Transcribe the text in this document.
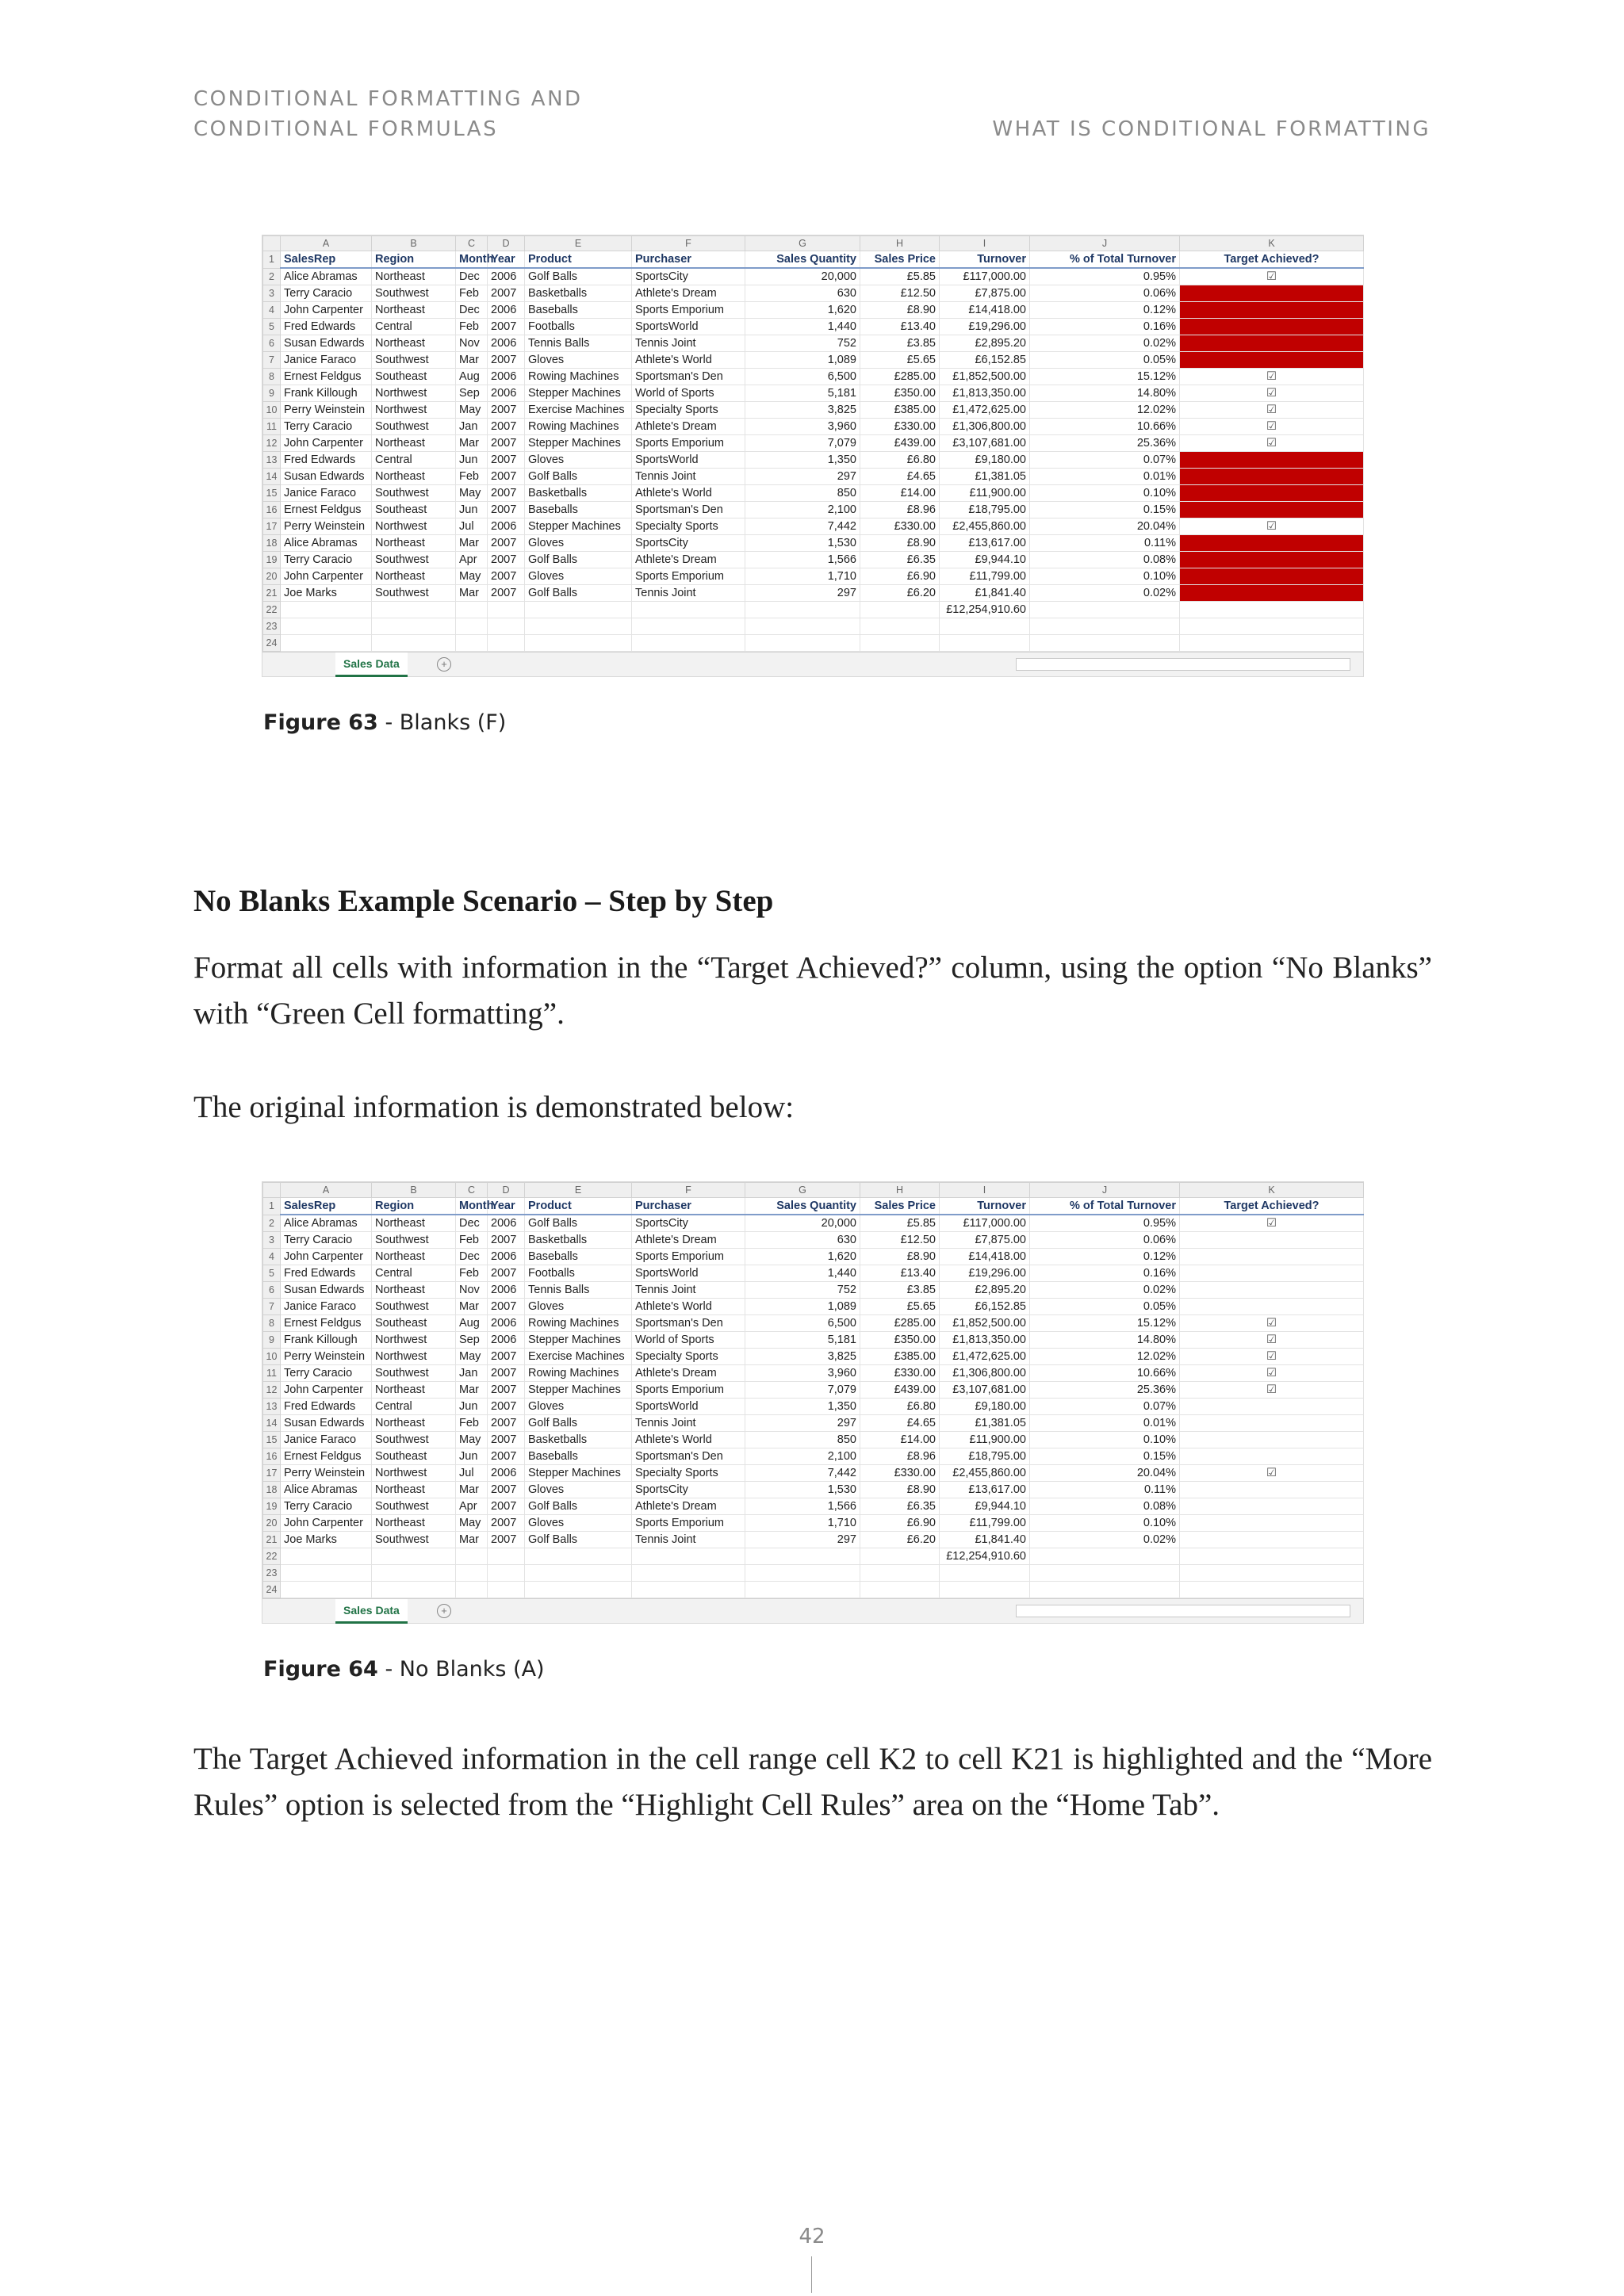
CONDITIONAL FORMATTING AND
CONDITIONAL FORMULAS	WHAT IS CONDITIONAL FORMATTING
	A	B	C	D	E	F	G	H	I	J	K
1	SalesRep	Region	Month	Year	Product	Purchaser	Sales Quantity	Sales Price	Turnover	% of Total Turnover	Target Achieved?
2	Alice Abramas	Northeast	Dec	2006	Golf Balls	SportsCity	20,000	£5.85	£117,000.00	0.95%	☑
3	Terry Caracio	Southwest	Feb	2007	Basketballs	Athlete's Dream	630	£12.50	£7,875.00	0.06%	
4	John Carpenter	Northeast	Dec	2006	Baseballs	Sports Emporium	1,620	£8.90	£14,418.00	0.12%	
5	Fred Edwards	Central	Feb	2007	Footballs	SportsWorld	1,440	£13.40	£19,296.00	0.16%	
6	Susan Edwards	Northeast	Nov	2006	Tennis Balls	Tennis Joint	752	£3.85	£2,895.20	0.02%	
7	Janice Faraco	Southwest	Mar	2007	Gloves	Athlete's World	1,089	£5.65	£6,152.85	0.05%	
8	Ernest Feldgus	Southeast	Aug	2006	Rowing Machines	Sportsman's Den	6,500	£285.00	£1,852,500.00	15.12%	☑
9	Frank Killough	Northwest	Sep	2006	Stepper Machines	World of Sports	5,181	£350.00	£1,813,350.00	14.80%	☑
10	Perry Weinstein	Northwest	May	2007	Exercise Machines	Specialty Sports	3,825	£385.00	£1,472,625.00	12.02%	☑
11	Terry Caracio	Southwest	Jan	2007	Rowing Machines	Athlete's Dream	3,960	£330.00	£1,306,800.00	10.66%	☑
12	John Carpenter	Northeast	Mar	2007	Stepper Machines	Sports Emporium	7,079	£439.00	£3,107,681.00	25.36%	☑
13	Fred Edwards	Central	Jun	2007	Gloves	SportsWorld	1,350	£6.80	£9,180.00	0.07%	
14	Susan Edwards	Northeast	Feb	2007	Golf Balls	Tennis Joint	297	£4.65	£1,381.05	0.01%	
15	Janice Faraco	Southwest	May	2007	Basketballs	Athlete's World	850	£14.00	£11,900.00	0.10%	
16	Ernest Feldgus	Southeast	Jun	2007	Baseballs	Sportsman's Den	2,100	£8.96	£18,795.00	0.15%	
17	Perry Weinstein	Northwest	Jul	2006	Stepper Machines	Specialty Sports	7,442	£330.00	£2,455,860.00	20.04%	☑
18	Alice Abramas	Northeast	Mar	2007	Gloves	SportsCity	1,530	£8.90	£13,617.00	0.11%	
19	Terry Caracio	Southwest	Apr	2007	Golf Balls	Athlete's Dream	1,566	£6.35	£9,944.10	0.08%	
20	John Carpenter	Northeast	May	2007	Gloves	Sports Emporium	1,710	£6.90	£11,799.00	0.10%	
21	Joe Marks	Southwest	Mar	2007	Golf Balls	Tennis Joint	297	£6.20	£1,841.40	0.02%	
22									£12,254,910.60		
23											
24											
Sales Data	+
Figure 63 - Blanks (F)
No Blanks Example Scenario – Step by Step
Format all cells with information in the “Target Achieved?” column, using the option “No Blanks” with “Green Cell formatting”.
The original information is demonstrated below:
	A	B	C	D	E	F	G	H	I	J	K
1	SalesRep	Region	Month	Year	Product	Purchaser	Sales Quantity	Sales Price	Turnover	% of Total Turnover	Target Achieved?
2	Alice Abramas	Northeast	Dec	2006	Golf Balls	SportsCity	20,000	£5.85	£117,000.00	0.95%	☑
3	Terry Caracio	Southwest	Feb	2007	Basketballs	Athlete's Dream	630	£12.50	£7,875.00	0.06%	
4	John Carpenter	Northeast	Dec	2006	Baseballs	Sports Emporium	1,620	£8.90	£14,418.00	0.12%	
5	Fred Edwards	Central	Feb	2007	Footballs	SportsWorld	1,440	£13.40	£19,296.00	0.16%	
6	Susan Edwards	Northeast	Nov	2006	Tennis Balls	Tennis Joint	752	£3.85	£2,895.20	0.02%	
7	Janice Faraco	Southwest	Mar	2007	Gloves	Athlete's World	1,089	£5.65	£6,152.85	0.05%	
8	Ernest Feldgus	Southeast	Aug	2006	Rowing Machines	Sportsman's Den	6,500	£285.00	£1,852,500.00	15.12%	☑
9	Frank Killough	Northwest	Sep	2006	Stepper Machines	World of Sports	5,181	£350.00	£1,813,350.00	14.80%	☑
10	Perry Weinstein	Northwest	May	2007	Exercise Machines	Specialty Sports	3,825	£385.00	£1,472,625.00	12.02%	☑
11	Terry Caracio	Southwest	Jan	2007	Rowing Machines	Athlete's Dream	3,960	£330.00	£1,306,800.00	10.66%	☑
12	John Carpenter	Northeast	Mar	2007	Stepper Machines	Sports Emporium	7,079	£439.00	£3,107,681.00	25.36%	☑
13	Fred Edwards	Central	Jun	2007	Gloves	SportsWorld	1,350	£6.80	£9,180.00	0.07%	
14	Susan Edwards	Northeast	Feb	2007	Golf Balls	Tennis Joint	297	£4.65	£1,381.05	0.01%	
15	Janice Faraco	Southwest	May	2007	Basketballs	Athlete's World	850	£14.00	£11,900.00	0.10%	
16	Ernest Feldgus	Southeast	Jun	2007	Baseballs	Sportsman's Den	2,100	£8.96	£18,795.00	0.15%	
17	Perry Weinstein	Northwest	Jul	2006	Stepper Machines	Specialty Sports	7,442	£330.00	£2,455,860.00	20.04%	☑
18	Alice Abramas	Northeast	Mar	2007	Gloves	SportsCity	1,530	£8.90	£13,617.00	0.11%	
19	Terry Caracio	Southwest	Apr	2007	Golf Balls	Athlete's Dream	1,566	£6.35	£9,944.10	0.08%	
20	John Carpenter	Northeast	May	2007	Gloves	Sports Emporium	1,710	£6.90	£11,799.00	0.10%	
21	Joe Marks	Southwest	Mar	2007	Golf Balls	Tennis Joint	297	£6.20	£1,841.40	0.02%	
22									£12,254,910.60		
23											
24											
Sales Data	+
Figure 64 - No Blanks (A)
The Target Achieved information in the cell range cell K2 to cell K21 is highlighted and the “More Rules” option is selected from the “Highlight Cell Rules” area on the “Home Tab”.
42
